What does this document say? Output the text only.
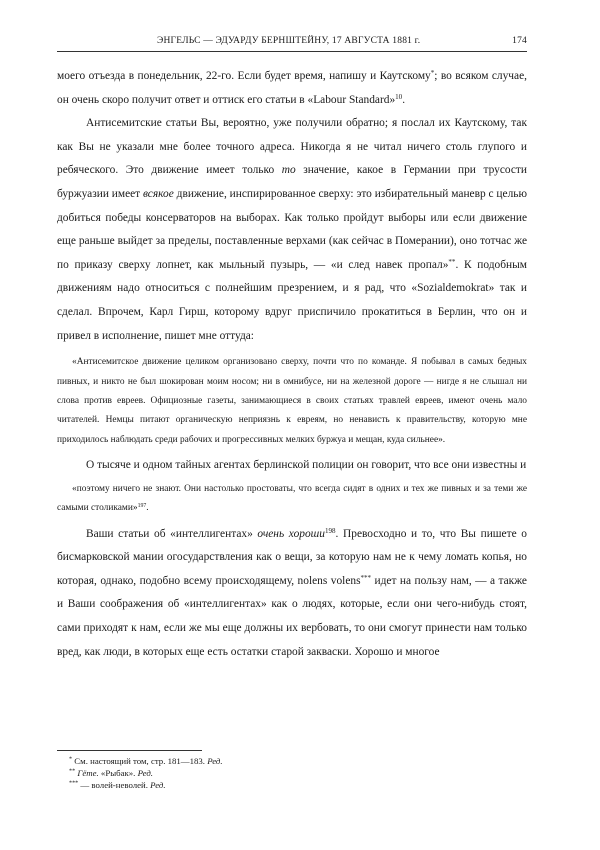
ЭНГЕЛЬС — ЭДУАРДУ БЕРНШТЕЙНУ, 17 АВГУСТА 1881 г.	174

моего отъезда в понедельник, 22-го. Если будет время, напишу и Каутскому*; во всяком случае, он очень скоро получит ответ и оттиск его статьи в «Labour Standard»$^{10}$.

Антисемитские статьи Вы, вероятно, уже получили обратно; я послал их Каутскому, так как Вы не указали мне более точного адреса. Никогда я не читал ничего столь глупого и ребяческого. Это движение имеет только то значение, какое в Германии при трусости буржуазии имеет всякое движение, инспирированное сверху: это избирательный маневр с целью добиться победы консерваторов на выборах. Как только пройдут выборы или если движение еще раньше выйдет за пределы, поставленные верхами (как сейчас в Померании), оно тотчас же по приказу сверху лопнет, как мыльный пузырь, — «и след навек пропал»**. К подобным движениям надо относиться с полнейшим презрением, и я рад, что «Sozialdemokrat» так и сделал. Впрочем, Карл Гирш, которому вдруг приспичило прокатиться в Берлин, что он и привел в исполнение, пишет мне оттуда:

«Антисемитское движение целиком организовано сверху, почти что по команде. Я побывал в самых бедных пивных, и никто не был шокирован моим носом; ни в омнибусе, ни на железной дороге — нигде я не слышал ни слова против евреев. Официозные газеты, занимающиеся в своих статьях травлей евреев, имеют очень мало читателей. Немцы питают органическую неприязнь к евреям, но ненависть к правительству, которую мне приходилось наблюдать среди рабочих и прогрессивных мелких буржуа и мещан, куда сильнее».

О тысяче и одном тайных агентах берлинской полиции он говорит, что все они известны и

«поэтому ничего не знают. Они настолько простоваты, что всегда сидят в одних и тех же пивных и за теми же самыми столиками»$^{197}$.

Ваши статьи об «интеллигентах» очень хороши$^{198}$. Превосходно и то, что Вы пишете о бисмарковской мании огосударствления как о вещи, за которую нам не к чему ломать копья, но которая, однако, подобно всему происходящему, nolens volens*** идет на пользу нам, — а также и Ваши соображения об «интеллигентах» как о людях, которые, если они чего-нибудь стоят, сами приходят к нам, если же мы еще должны их вербовать, то они смогут принести нам только вред, как люди, в которых еще есть остатки старой закваски. Хорошо и многое

* См. настоящий том, стр. 181—183. Ред.
** Гёте. «Рыбак». Ред.
*** — волей-неволей. Ред.
